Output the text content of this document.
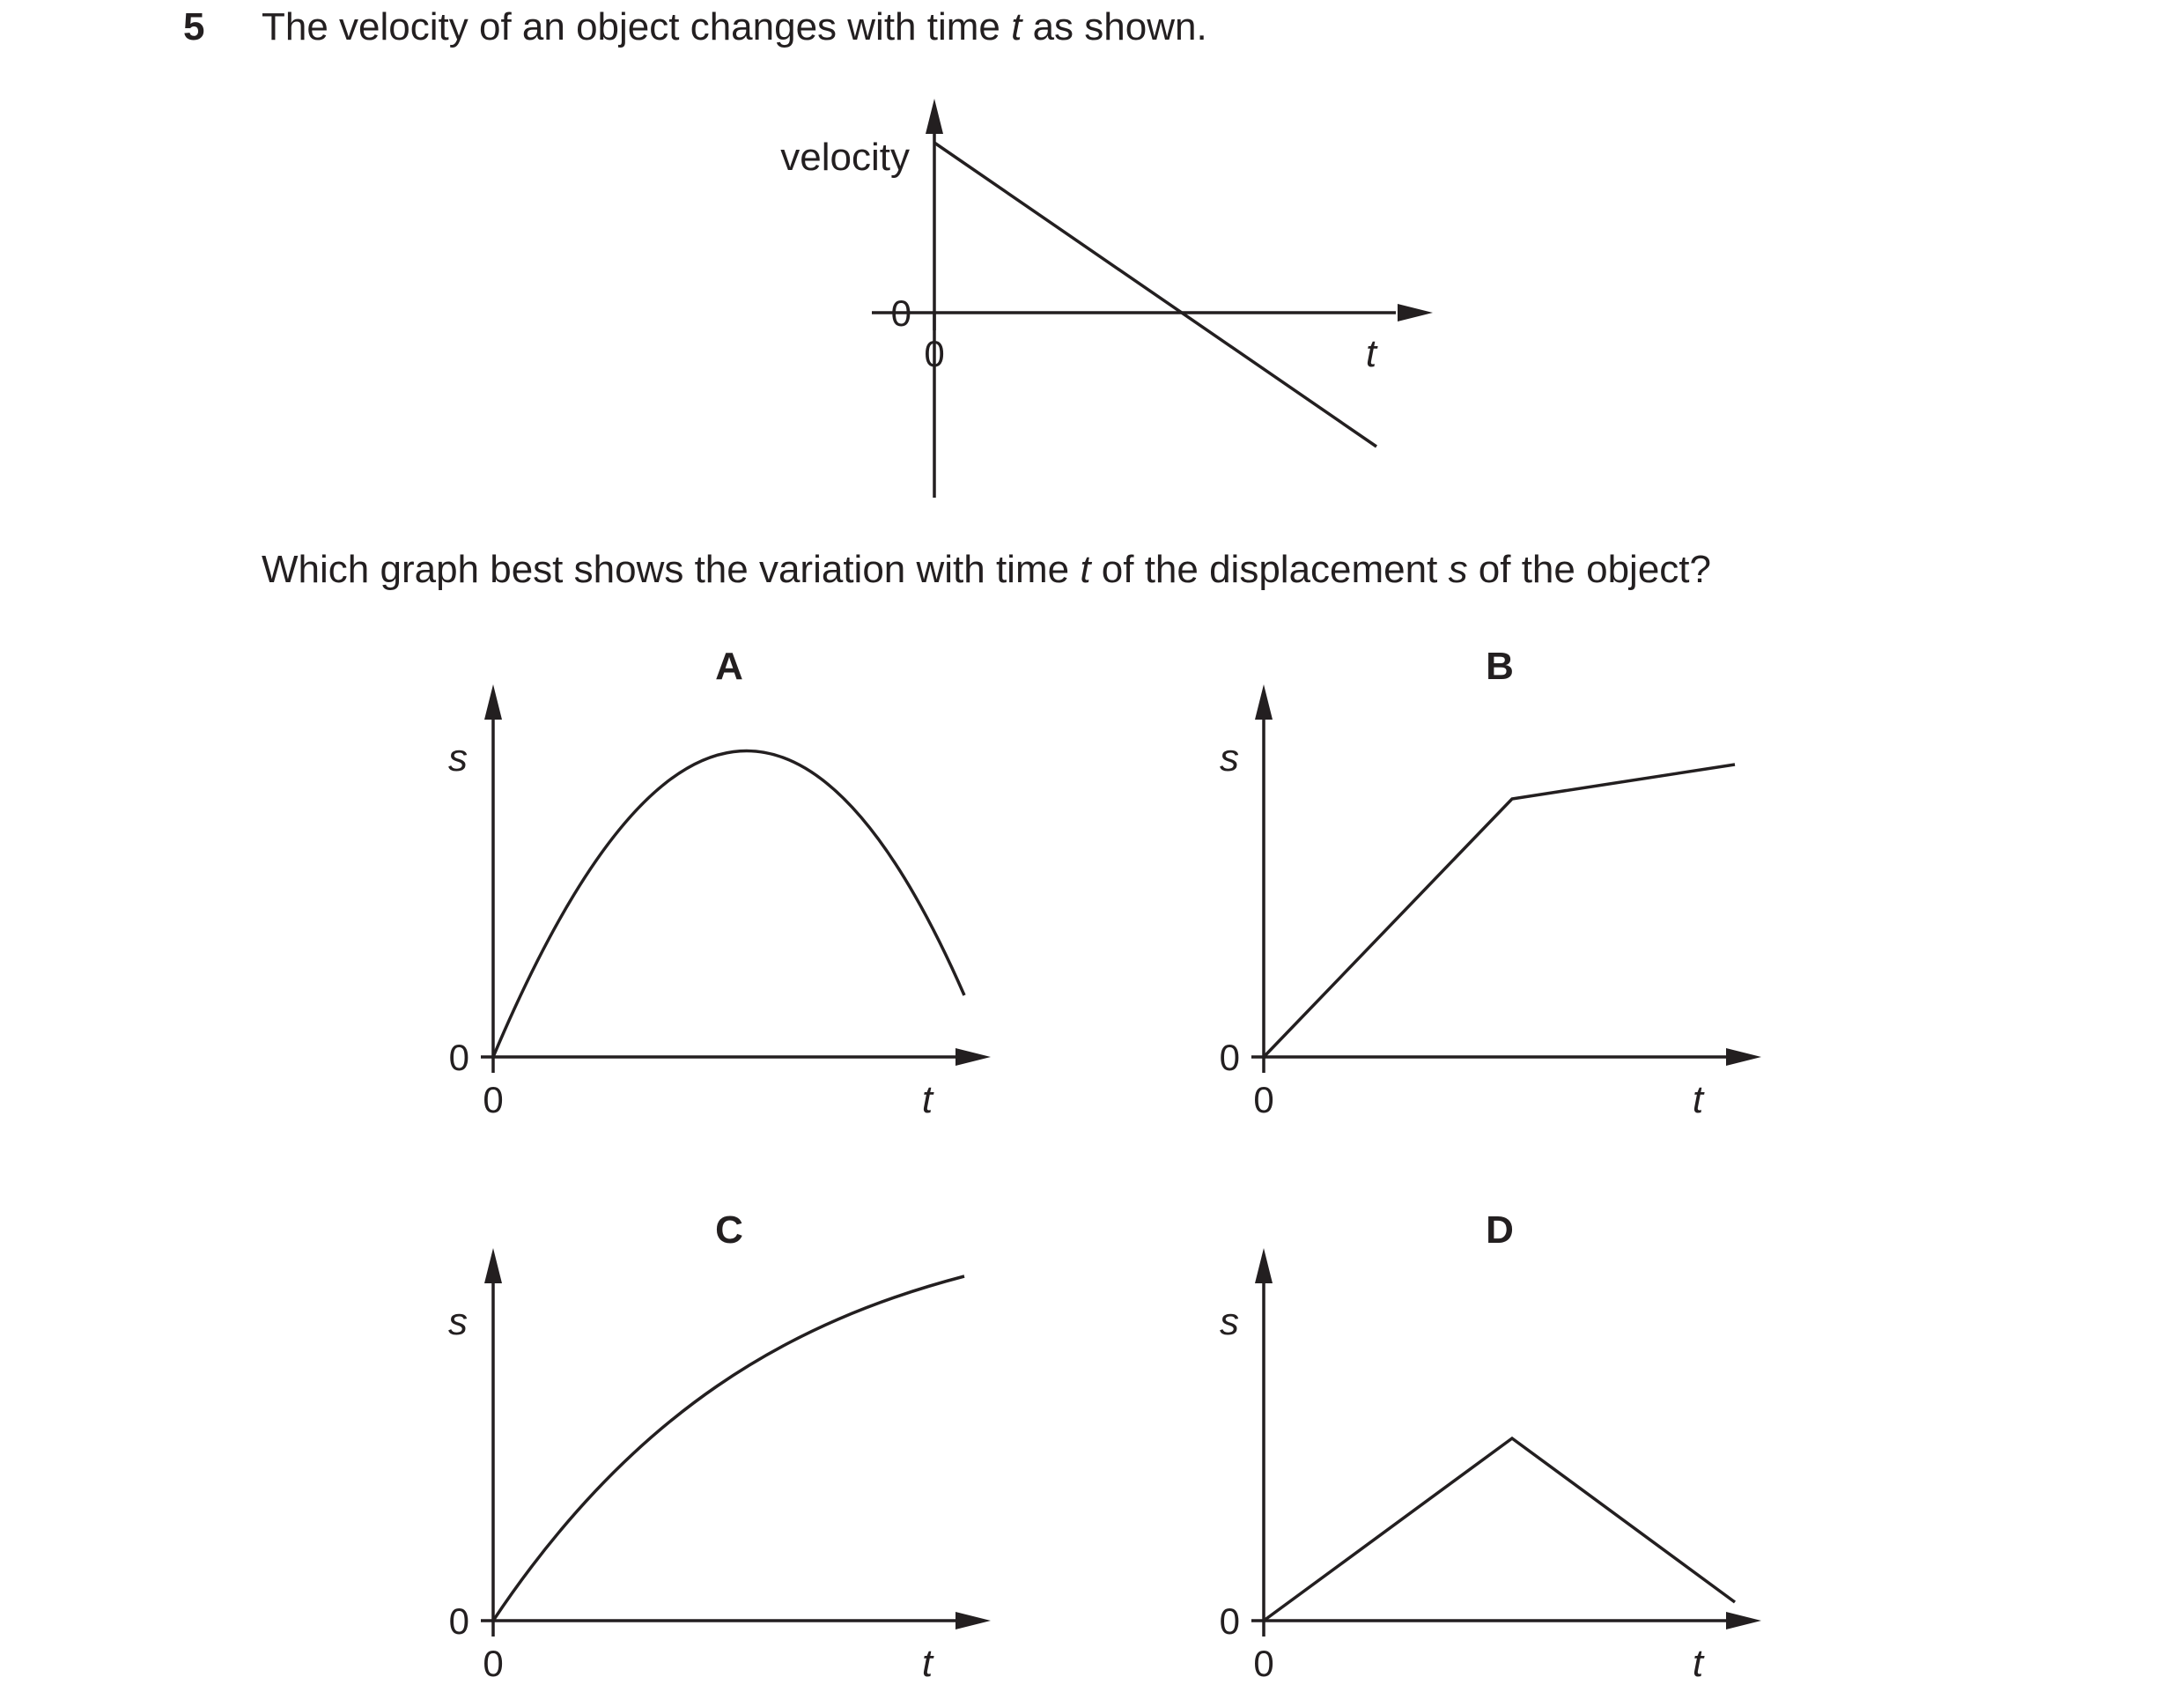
5 The velocity of an object changes with time t as shown.
Which graph best shows the variation with time t of the displacement s of the object?
velocity
0
0	t
A
s
0
0	t
B
s
0
0	t
C
s
0
0	t
D
s
0
0	t
